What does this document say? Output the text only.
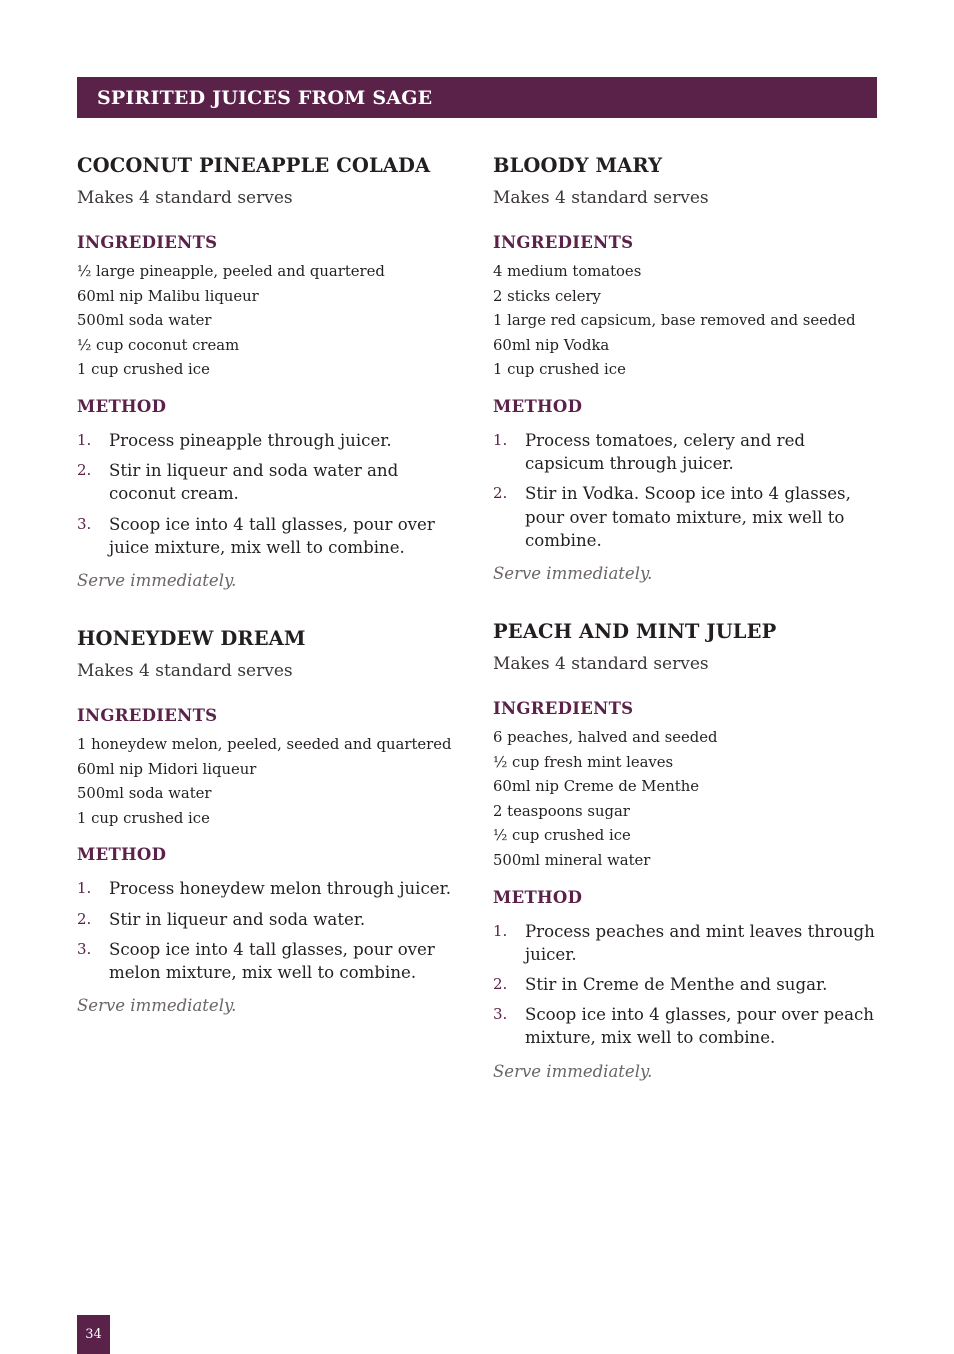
SPIRITED JUICES FROM SAGE
COCONUT PINEAPPLE COLADA
Makes 4 standard serves
INGREDIENTS
½ large pineapple, peeled and quartered
60ml nip Malibu liqueur
500ml soda water
½ cup coconut cream
1 cup crushed ice
METHOD
1. Process pineapple through juicer.
2. Stir in liqueur and soda water and coconut cream.
3. Scoop ice into 4 tall glasses, pour over juice mixture, mix well to combine.
Serve immediately.
HONEYDEW DREAM
Makes 4 standard serves
INGREDIENTS
1 honeydew melon, peeled, seeded and quartered
60ml nip Midori liqueur
500ml soda water
1 cup crushed ice
METHOD
1. Process honeydew melon through juicer.
2. Stir in liqueur and soda water.
3. Scoop ice into 4 tall glasses, pour over melon mixture, mix well to combine.
Serve immediately.
BLOODY MARY
Makes 4 standard serves
INGREDIENTS
4 medium tomatoes
2 sticks celery
1 large red capsicum, base removed and seeded
60ml nip Vodka
1 cup crushed ice
METHOD
1. Process tomatoes, celery and red capsicum through juicer.
2. Stir in Vodka. Scoop ice into 4 glasses, pour over tomato mixture, mix well to combine.
Serve immediately.
PEACH AND MINT JULEP
Makes 4 standard serves
INGREDIENTS
6 peaches, halved and seeded
½ cup fresh mint leaves
60ml nip Creme de Menthe
2 teaspoons sugar
½ cup crushed ice
500ml mineral water
METHOD
1. Process peaches and mint leaves through juicer.
2. Stir in Creme de Menthe and sugar.
3. Scoop ice into 4 glasses, pour over peach mixture, mix well to combine.
Serve immediately.
34
